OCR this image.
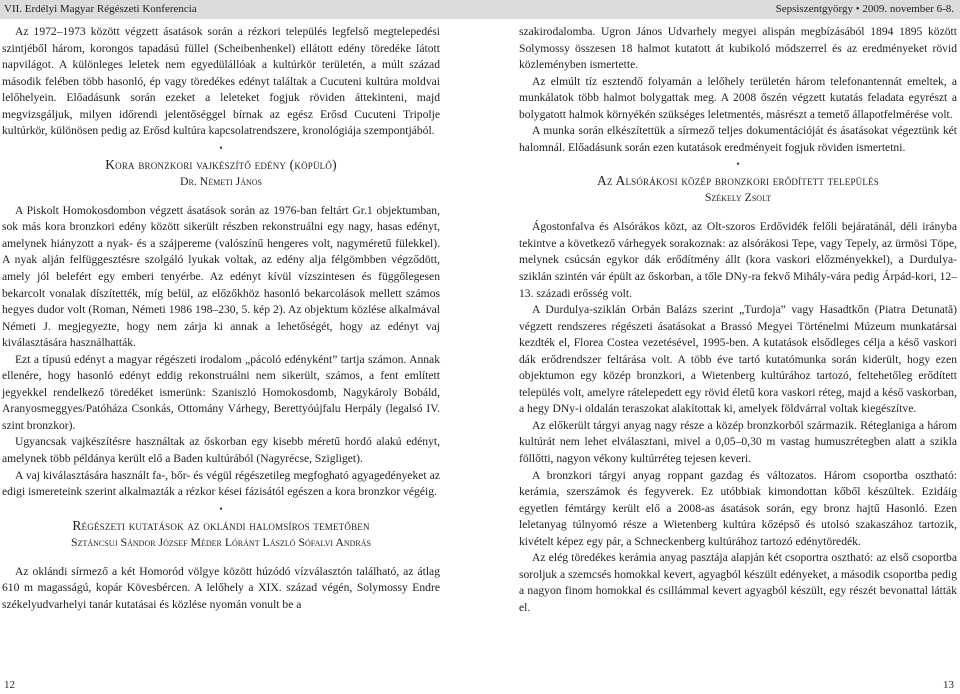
VII. Erdélyi Magyar Régészeti Konferencia	Sepsiszentgyörgy • 2009. november 6-8.

Az 1972–1973 között végzett ásatások során a rézkori település legfelső megtelepedési szintjéből három, korongos tapadású füllel (Scheibenhenkel) ellátott edény töredéke látott napvilágot. A különleges leletek nem egyedülállóak a kultúrkör területén, a múlt század második felében több hasonló, ép vagy töredékes edényt találtak a Cucuteni kultúra moldvai lelőhelyein. Előadásunk során ezeket a leleteket fogjuk röviden áttekinteni, majd megvizsgáljuk, milyen időrendi jelentőséggel bírnak az egész Erősd Cucuteni Tripolje kultúrkör, különösen pedig az Erősd kultúra kapcsolatrendszere, kronológiája szempontjából.

•
Kora bronzkori vajkészítő edény (köpülő)
Dr. Németi János

A Piskolt Homokosdombon végzett ásatások során az 1976-ban feltárt Gr.1 objektumban, sok más kora bronzkori edény között sikerült részben rekonstruálni egy nagy, hasas edényt, amelynek hiányzott a nyak- és a szájpereme (valószínű hengeres volt, nagyméretű fülekkel). A nyak alján felfüggesztésre szolgáló lyukak voltak, az edény alja félgömbben végződött, amely jól belefért egy emberi tenyérbe. Az edényt kívül vízszintesen és függőlegesen bekarcolt vonalak díszítették, míg belül, az előzőkhöz hasonló bekarcolások mellett számos hegyes dudor volt (Roman, Németi 1986 198–230, 5. kép 2). Az objektum közlése alkalmával Németi J. megjegyezte, hogy nem zárja ki annak a lehetőségét, hogy az edényt vaj kiválasztására használhatták.

Ezt a típusú edényt a magyar régészeti irodalom „pácoló edényként” tartja számon. Annak ellenére, hogy hasonló edényt eddig rekonstruálni nem sikerült, számos, a fent említett jegyekkel rendelkező töredéket ismerünk: Szaniszló Homokosdomb, Nagykároly Bobáld, Aranyosmeggyes/Patóháza Csonkás, Ottomány Várhegy, Berettyóújfalu Herpály (legalsó IV. szint bronzkor).

Ugyancsak vajkészítésre használtak az őskorban egy kisebb méretű hordó alakú edényt, amelynek több példánya került elő a Baden kultúrából (Nagyrécse, Szigliget).

A vaj kiválasztására használt fa-, bőr- és végül régészetileg megfogható agyagedényeket az edigi ismereteink szerint alkalmazták a rézkor kései fázisától egészen a kora bronzkor végéig.

•
Régészeti kutatások az oklándi halomsíros temetőben
Sztáncsuj Sándor József Méder Lóránt László Sófalvi András

Az oklándi sírmező a két Homoród völgye között húzódó vízválasztón található, az átlag 610 m magasságú, kopár Kövesbércen. A lelőhely a XIX. század végén, Solymossy Endre székelyudvarhelyi tanár kutatásai és közlése nyomán vonult be a

szakirodalomba. Ugron János Udvarhely megyei alispán megbízásából 1894 1895 között Solymossy összesen 18 halmot kutatott át kubikoló módszerrel és az eredményeket rövid közleményben ismertette.

Az elmúlt tíz esztendő folyamán a lelőhely területén három telefonantennát emeltek, a munkálatok több halmot bolygattak meg. A 2008 őszén végzett kutatás feladata egyrészt a bolygatott halmok környékén szükséges leletmentés, másrészt a temető állapotfelmérése volt.

A munka során elkészítettük a sírmező teljes dokumentációját és ásatásokat végeztünk két halomnál. Előadásunk során ezen kutatások eredményeit fogjuk röviden ismertetni.

•
Az Alsórákosi közép bronzkori erődített település
Székely Zsolt

Ágostonfalva és Alsórákos közt, az Olt-szoros Erdővidék felőli bejáratánál, déli irányba tekintve a következő várhegyek sorakoznak: az alsórákosi Tepe, vagy Tepely, az ürmösi Töpe, melynek csúcsán egykor dák erődítmény állt (kora vaskori előzményekkel), a Durdulya-sziklán szintén vár épült az őskorban, a tőle DNy-ra fekvő Mihály-vára pedig Árpád-kori, 12–13. századi erősség volt.

A Durdulya-sziklán Orbán Balázs szerint „Turdoja” vagy Hasadtkőn (Piatra Detunată) végzett rendszeres régészeti ásatásokat a Brassó Megyei Történelmi Múzeum munkatársai kezdték el, Florea Costea vezetésével, 1995-ben. A kutatások elsődleges célja a késő vaskori dák erődrendszer feltárása volt. A több éve tartó kutatómunka során kiderült, hogy ezen objektumon egy közép bronzkori, a Wietenberg kultúrához tartozó, feltehetőleg erődített település volt, amelyre rátelepedett egy rövid életű kora vaskori réteg, majd a késő vaskorban, a hegy DNy-i oldalán teraszokat alakítottak ki, amelyek földvárral voltak kiegészítve.

Az előkerült tárgyi anyag nagy része a közép bronzkorból származik. Réteglaniga a három kultúrát nem lehet elválasztani, mivel a 0,05–0,30 m vastag humuszrétegben alatt a szikla föllőtti, nagyon vékony kultúrréteg tejesen keveri.

A bronzkori tárgyi anyag roppant gazdag és változatos. Három csoportba osztható: kerámia, szerszámok és fegyverek. Ez utóbbiak kimondottan kőből készültek. Ezidáig egyetlen fémtárgy került elő a 2008-as ásatások során, egy bronz hajtű Hasonló. Ezen leletanyag túlnyomó része a Wietenberg kultúra kőzépső és utolsó szakaszához tartozik, kivételt képez egy pár, a Schneckenberg kultúrához tartozó edénytöredék.

Az elég töredékes kerámia anyag pasztája alapján két csoportra osztható: az első csoportba soroljuk a szemcsés homokkal kevert, agyagból készült edényeket, a második csoportba pedig a nagyon finom homokkal és csillámmal kevert agyagból készült, egy részét bevonattal látták el.

12	13
